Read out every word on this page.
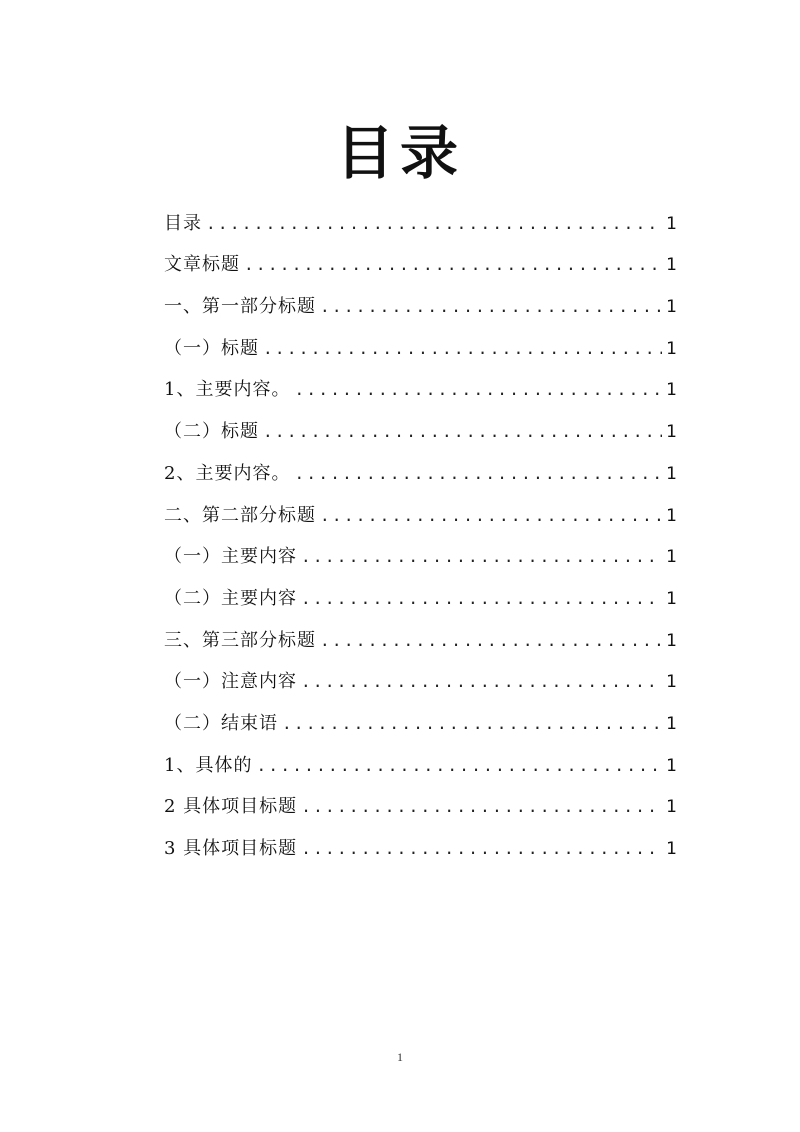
目录
目录 .....	1
文章标题 .....	1
一、第一部分标题 .....	1
（一）标题 .....	1
1、主要内容。 .....	1
（二）标题 .....	1
2、主要内容。 .....	1
二、第二部分标题 .....	1
（一）主要内容 .....	1
（二）主要内容 .....	1
三、第三部分标题 .....	1
（一）注意内容 .....	1
（二）结束语 .....	1
1、具体的 .....	1
2 具体项目标题 .....	1
3 具体项目标题 .....	1
1
